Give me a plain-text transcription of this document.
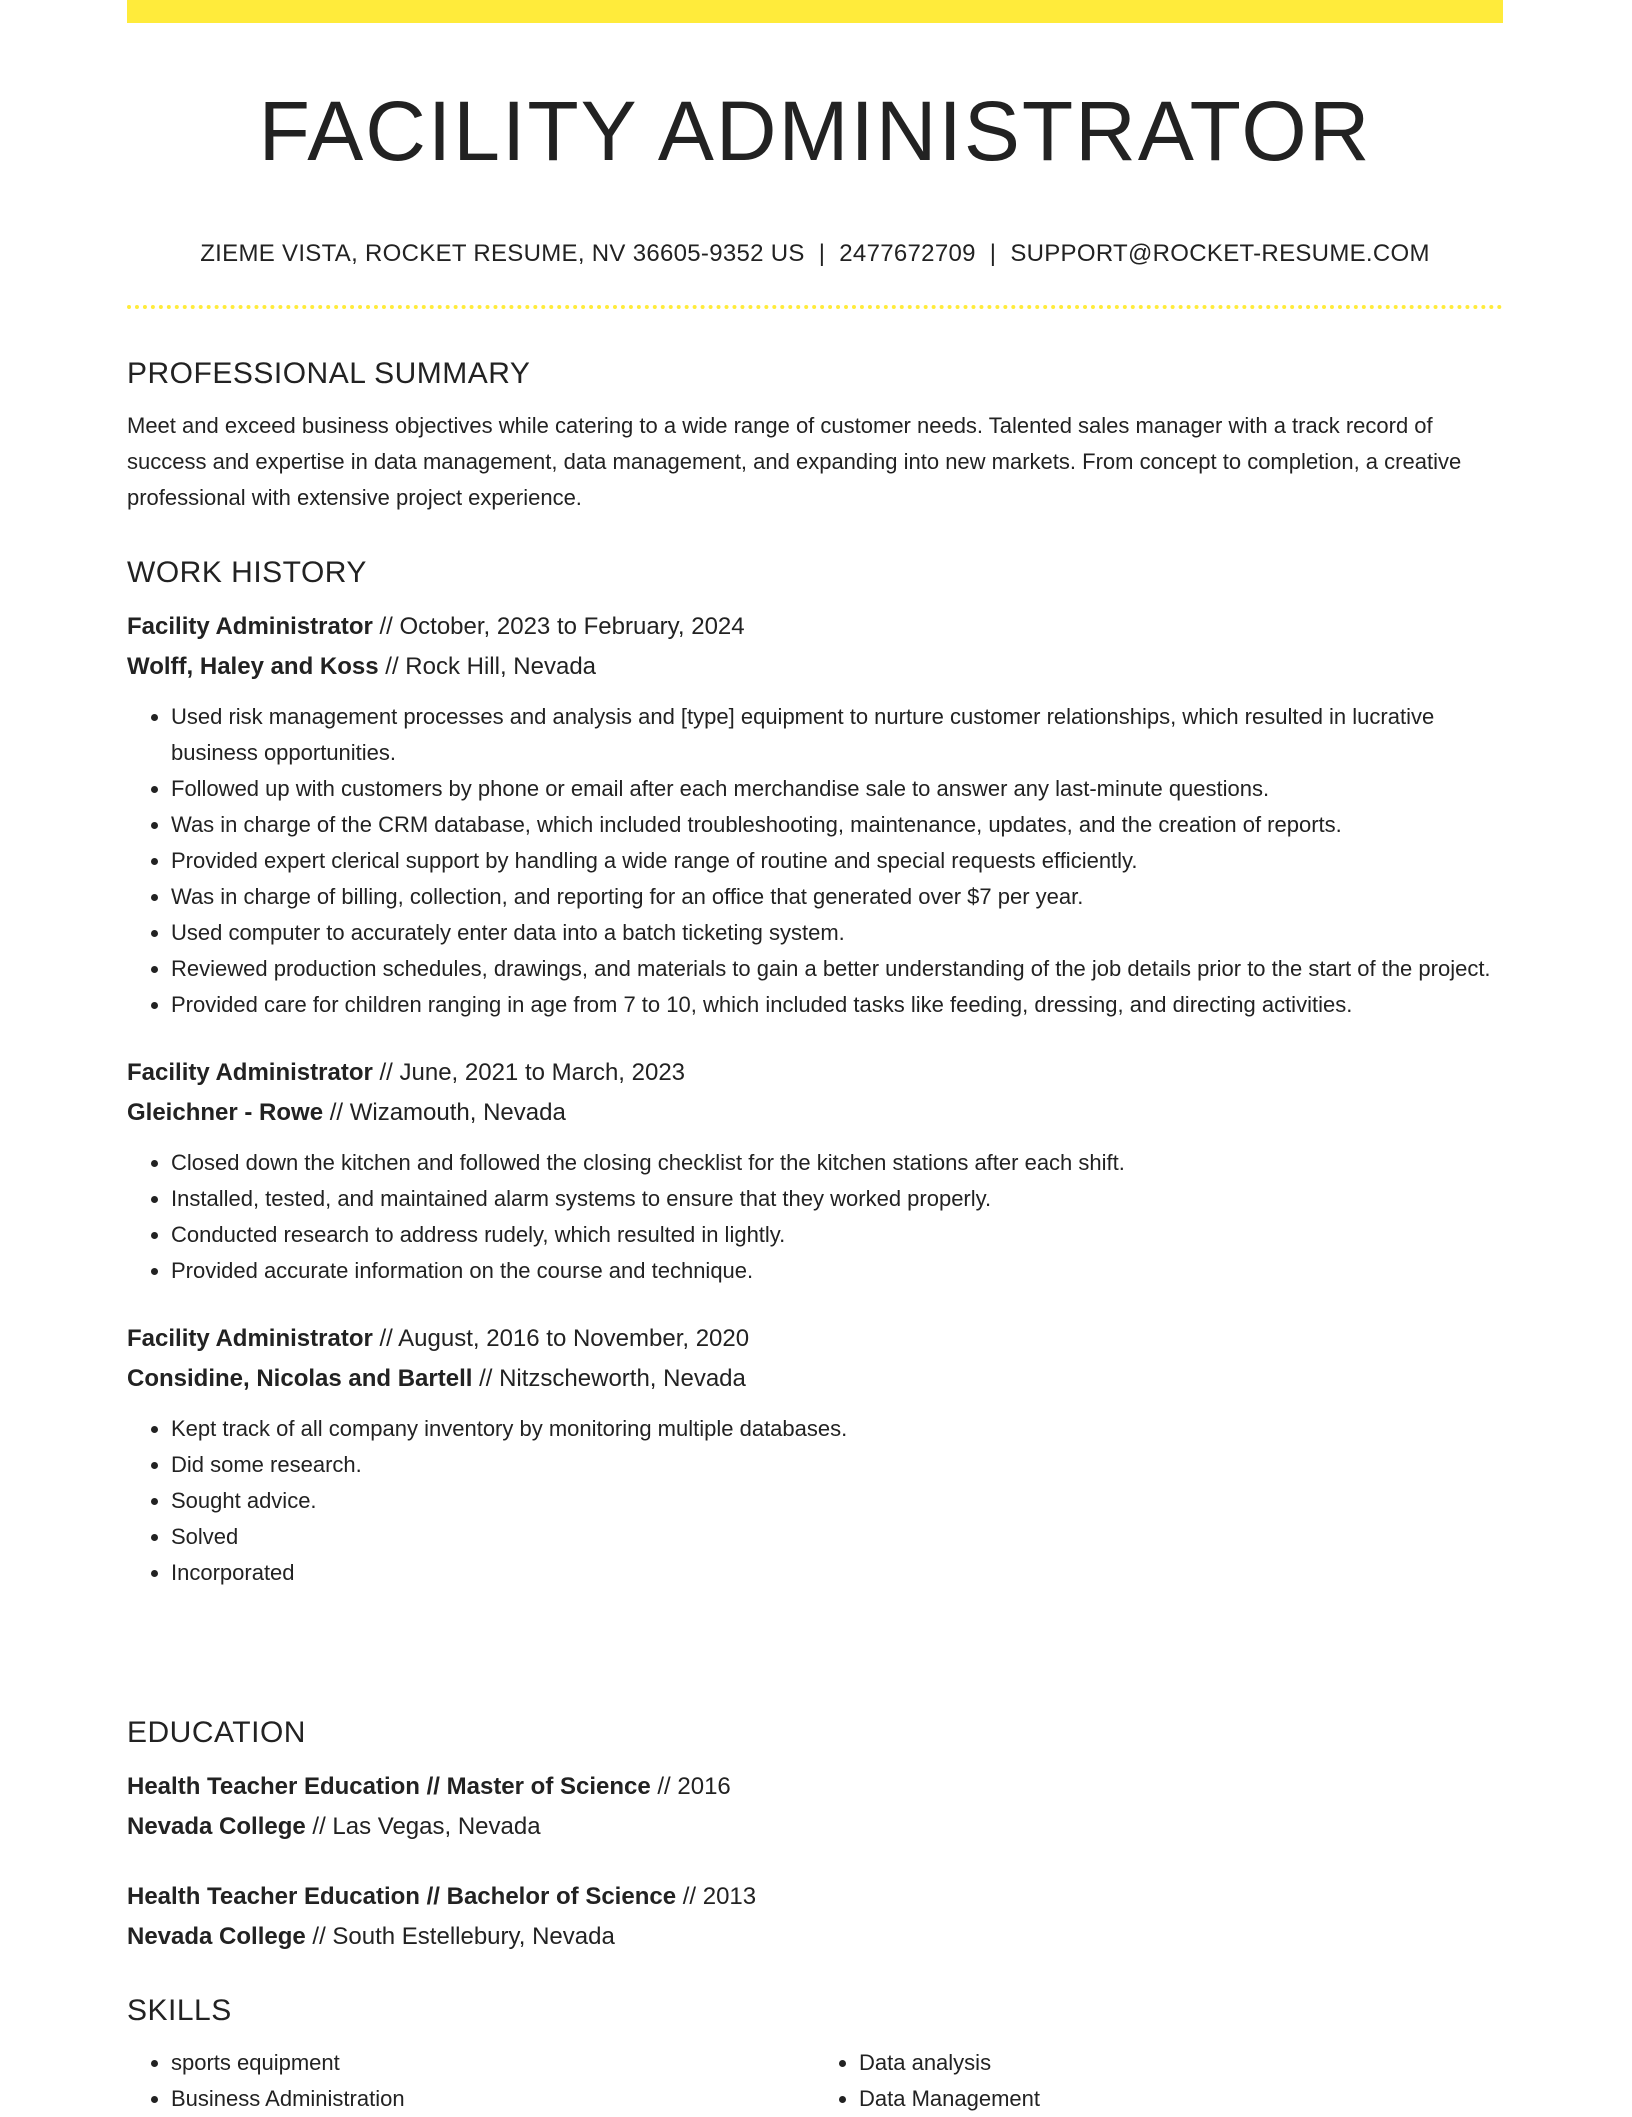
FACILITY ADMINISTRATOR
ZIEME VISTA, ROCKET RESUME, NV 36605-9352 US | 2477672709 | SUPPORT@ROCKET-RESUME.COM
PROFESSIONAL SUMMARY

Meet and exceed business objectives while catering to a wide range of customer needs. Talented sales manager with a track record of success and expertise in data management, data management, and expanding into new markets. From concept to completion, a creative professional with extensive project experience.

WORK HISTORY

Facility Administrator // October, 2023 to February, 2024

Wolff, Haley and Koss // Rock Hill, Nevada

• Used risk management processes and analysis and [type] equipment to nurture customer relationships, which resulted in lucrative business opportunities.
• Followed up with customers by phone or email after each merchandise sale to answer any last-minute questions.
• Was in charge of the CRM database, which included troubleshooting, maintenance, updates, and the creation of reports.
• Provided expert clerical support by handling a wide range of routine and special requests efficiently.
• Was in charge of billing, collection, and reporting for an office that generated over $7 per year.
• Used computer to accurately enter data into a batch ticketing system.
• Reviewed production schedules, drawings, and materials to gain a better understanding of the job details prior to the start of the project.
• Provided care for children ranging in age from 7 to 10, which included tasks like feeding, dressing, and directing activities.

Facility Administrator // June, 2021 to March, 2023

Gleichner - Rowe // Wizamouth, Nevada

• Closed down the kitchen and followed the closing checklist for the kitchen stations after each shift.
• Installed, tested, and maintained alarm systems to ensure that they worked properly.
• Conducted research to address rudely, which resulted in lightly.
• Provided accurate information on the course and technique.

Facility Administrator // August, 2016 to November, 2020

Considine, Nicolas and Bartell // Nitzscheworth, Nevada

• Kept track of all company inventory by monitoring multiple databases.
• Did some research.
• Sought advice.
• Solved
• Incorporated
EDUCATION

Health Teacher Education // Master of Science // 2016

Nevada College // Las Vegas, Nevada

Health Teacher Education // Bachelor of Science // 2013

Nevada College // South Estellebury, Nevada

SKILLS
• sports equipment
• Business Administration
• Data analysis
• Data Management
